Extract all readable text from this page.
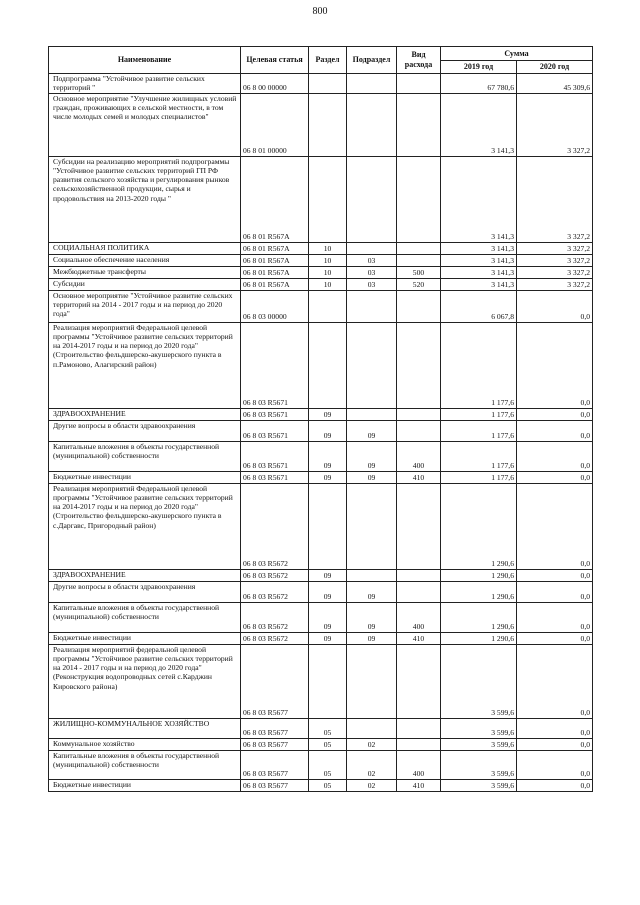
800
Наименование	Целевая статья	Раздел	Подраздел	Вид расхода	Сумма	
					2019 год	2020 год
Подпрограмма "Устойчивое развитие сельских территорий "	06 8 00 00000				67 780,6	45 309,6
Основное мероприятие "Улучшение жилищных условий граждан, проживающих в сельской местности, в том числе молодых семей и молодых специалистов"	06 8 01 00000				3 141,3	3 327,2
Субсидии на реализацию мероприятий подпрограммы "Устойчивое развитие сельских территорий ГП РФ развития сельского хозяйства и регулирования рынков сельскохозяйственной продукции, сырья и продовольствия на 2013-2020 годы "	06 8 01 R567A				3 141,3	3 327,2
СОЦИАЛЬНАЯ ПОЛИТИКА	06 8 01 R567A	10			3 141,3	3 327,2
Социальное обеспечение населения	06 8 01 R567A	10	03		3 141,3	3 327,2
Межбюджетные трансферты	06 8 01 R567A	10	03	500	3 141,3	3 327,2
Субсидии	06 8 01 R567A	10	03	520	3 141,3	3 327,2
Основное мероприятие "Устойчивое развитие сельских территорий на 2014 - 2017 годы и на период до 2020 года"	06 8 03 00000				6 067,8	0,0
Реализация мероприятий Федеральной целевой программы "Устойчивое развитие сельских территорий на 2014-2017 годы и на период до 2020 года" (Строительство фельдшерско-акушерского пункта в п.Рамоново, Алагирский район)	06 8 03 R5671				1 177,6	0,0
ЗДРАВООХРАНЕНИЕ	06 8 03 R5671	09			1 177,6	0,0
Другие вопросы в области здравоохранения	06 8 03 R5671	09	09		1 177,6	0,0
Капитальные вложения в объекты государственной (муниципальной) собственности	06 8 03 R5671	09	09	400	1 177,6	0,0
Бюджетные инвестиции	06 8 03 R5671	09	09	410	1 177,6	0,0
Реализация мероприятий Федеральной целевой программы "Устойчивое развитие сельских территорий на 2014-2017 годы и на период до 2020 года" (Строительство фельдшерско-акушерского пункта в с.Даргавс, Пригородный район)	06 8 03 R5672				1 290,6	0,0
ЗДРАВООХРАНЕНИЕ	06 8 03 R5672	09			1 290,6	0,0
Другие вопросы в области здравоохранения	06 8 03 R5672	09	09		1 290,6	0,0
Капитальные вложения в объекты государственной (муниципальной) собственности	06 8 03 R5672	09	09	400	1 290,6	0,0
Бюджетные инвестиции	06 8 03 R5672	09	09	410	1 290,6	0,0
Реализация мероприятий федеральной целевой программы "Устойчивое развитие сельских территорий на 2014 - 2017 годы и на период до 2020 года" (Реконструкция водопроводных сетей с.Карджин Кировского района)	06 8 03 R5677				3 599,6	0,0
ЖИЛИЩНО-КОММУНАЛЬНОЕ ХОЗЯЙСТВО	06 8 03 R5677	05			3 599,6	0,0
Коммунальное хозяйство	06 8 03 R5677	05	02		3 599,6	0,0
Капитальные вложения в объекты государственной (муниципальной) собственности	06 8 03 R5677	05	02	400	3 599,6	0,0
Бюджетные инвестиции	06 8 03 R5677	05	02	410	3 599,6	0,0
